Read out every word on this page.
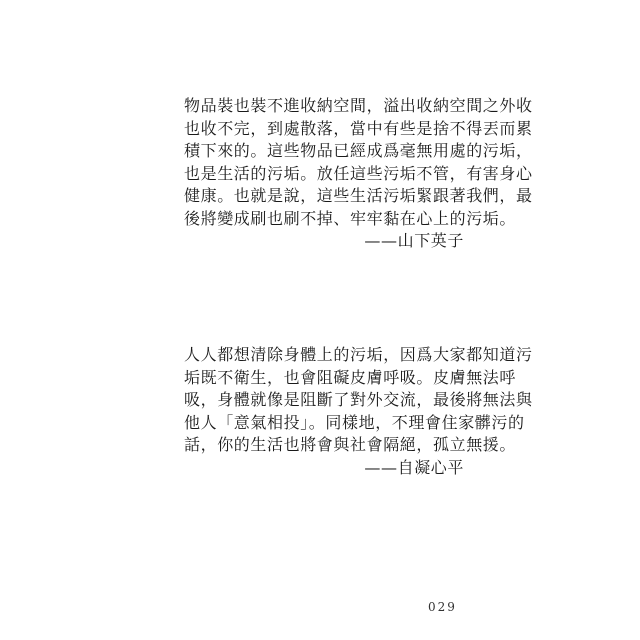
物品裝也裝不進收納空間，溢出收納空間之外收
也收不完，到處散落，當中有些是捨不得丟而累
積下來的。這些物品已經成爲毫無用處的污垢，
也是生活的污垢。放任這些污垢不管，有害身心
健康。也就是說，這些生活污垢緊跟著我們，最
後將變成刷也刷不掉、牢牢黏在心上的污垢。
——山下英子
人人都想清除身體上的污垢，因爲大家都知道污
垢既不衛生，也會阻礙皮膚呼吸。皮膚無法呼
吸，身體就像是阻斷了對外交流，最後將無法與
他人「意氣相投」。同樣地，不理會住家髒污的
話，你的生活也將會與社會隔絕，孤立無援。
——自凝心平
029
